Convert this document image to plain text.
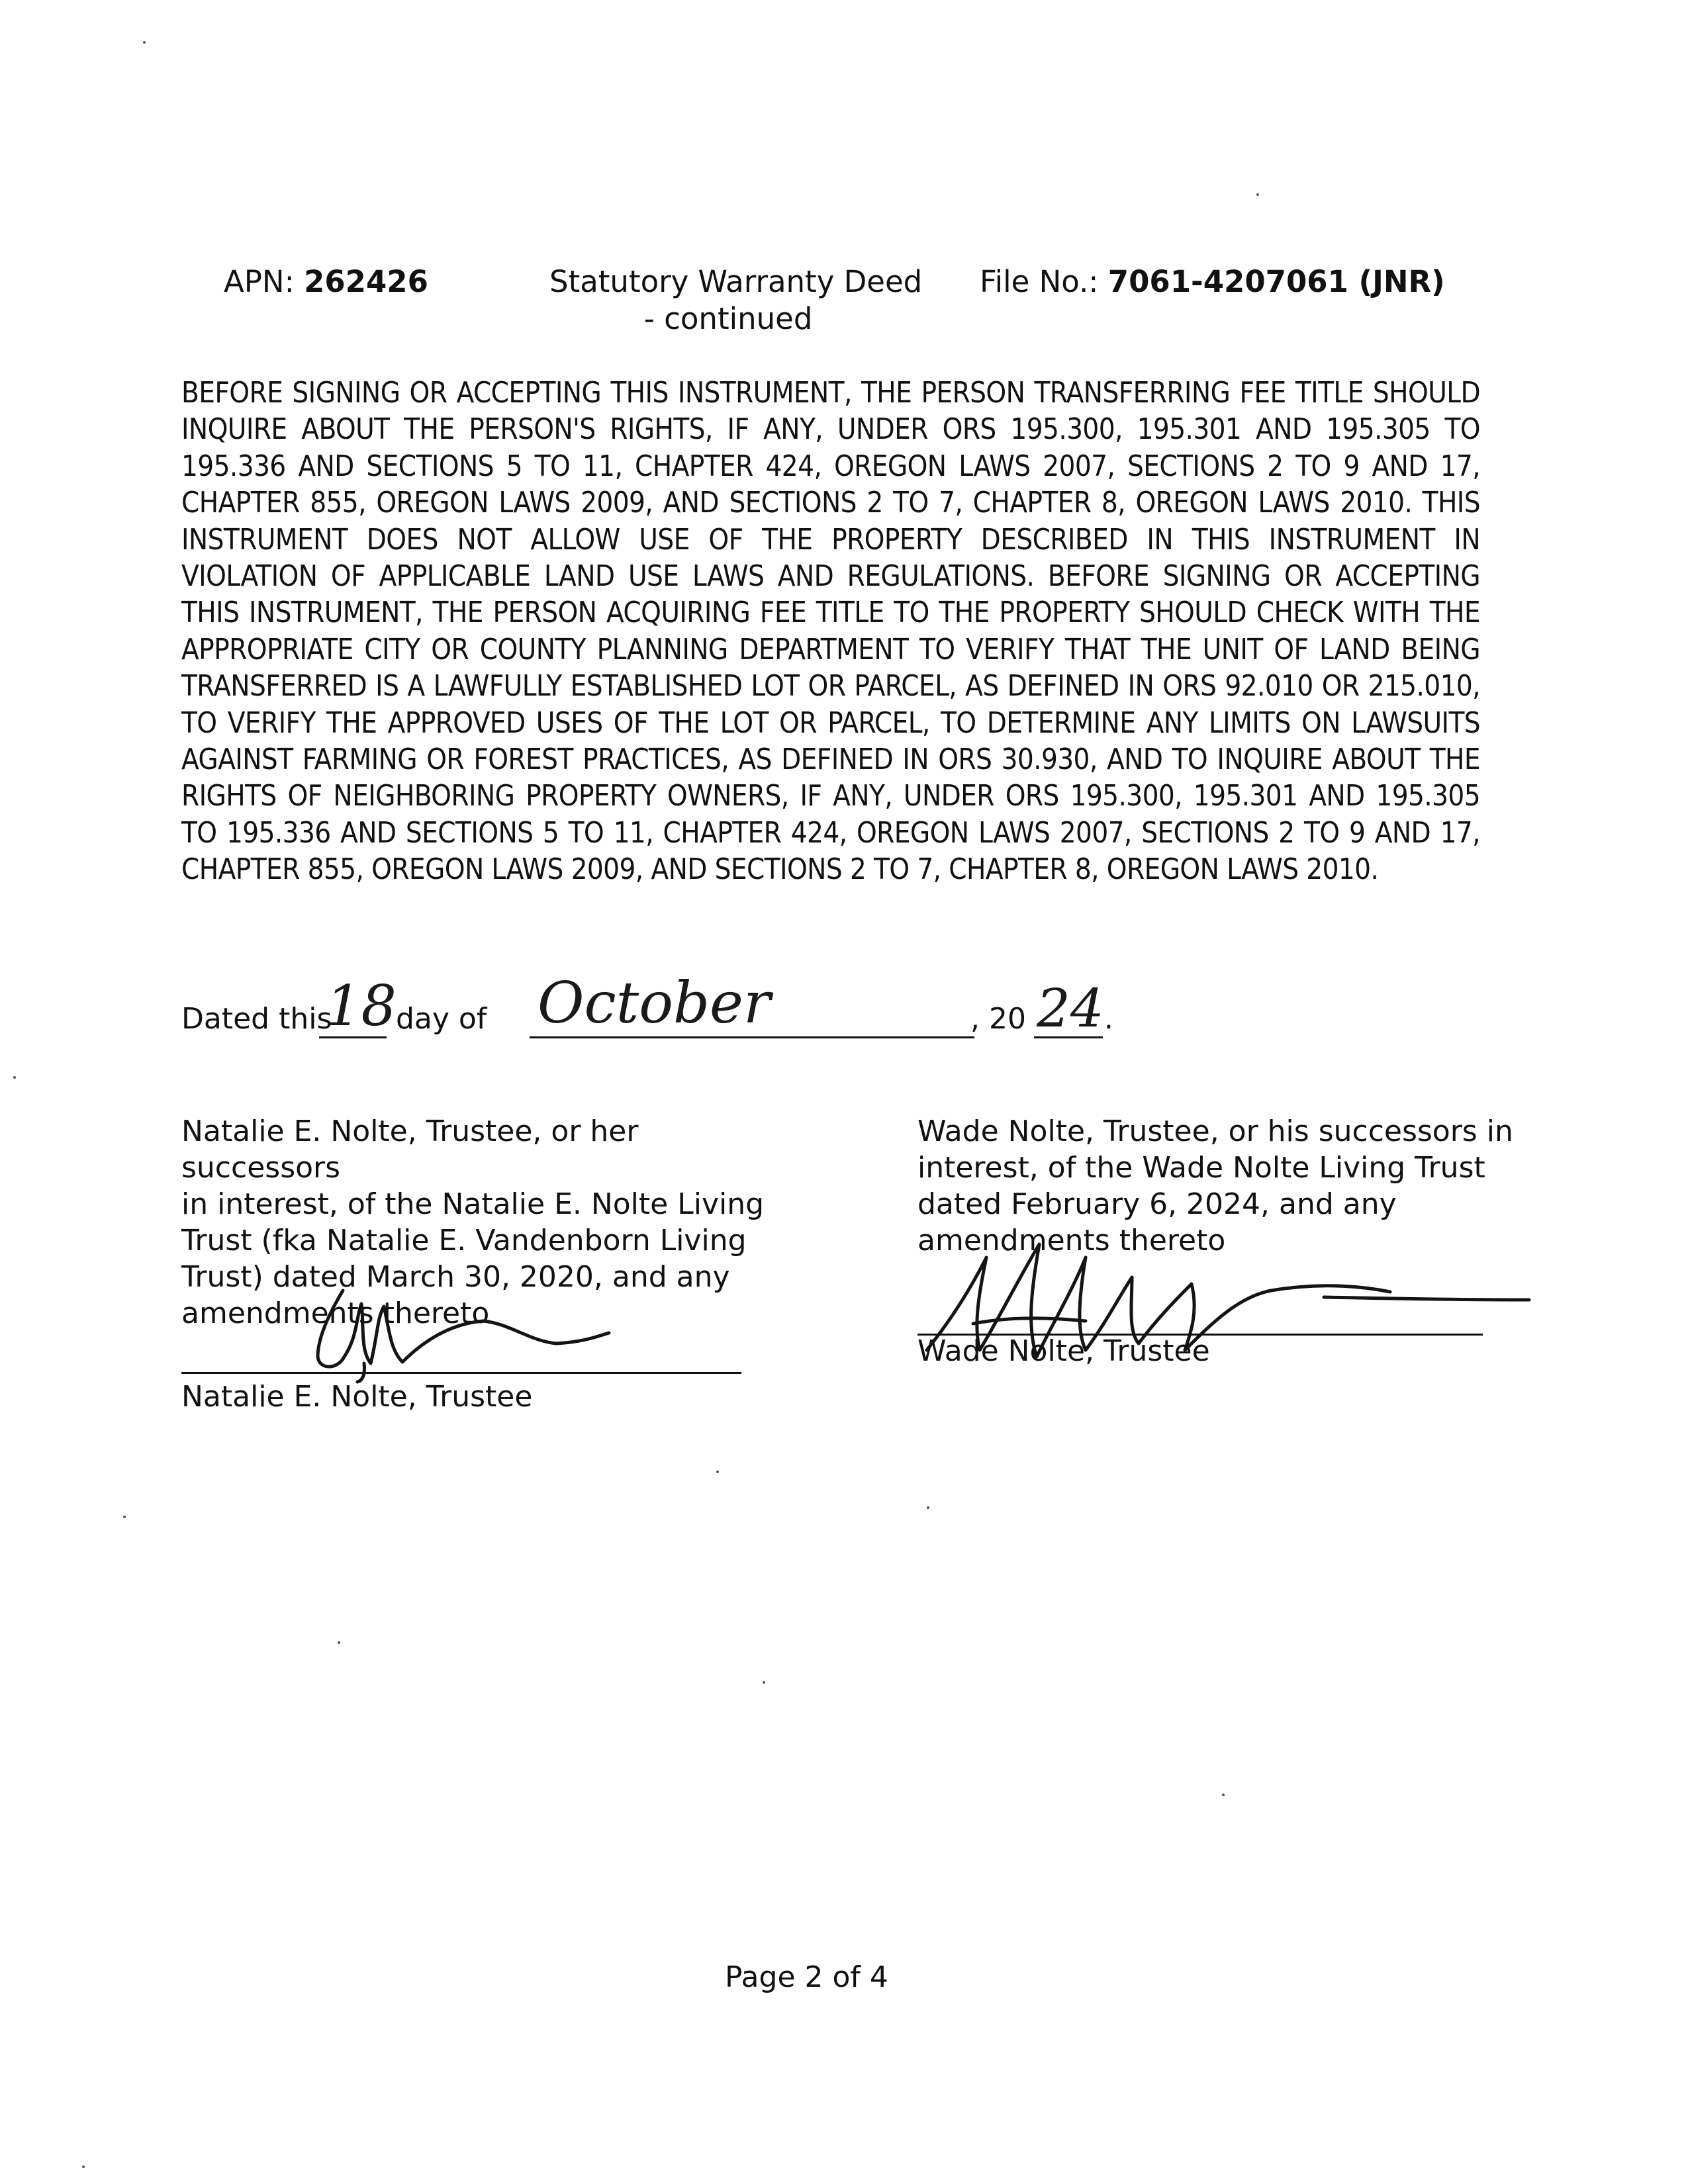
APN: 262426	Statutory Warranty Deed
- continued
File No.: 7061-4207061 (JNR)
BEFORE SIGNING OR ACCEPTING THIS INSTRUMENT, THE PERSON TRANSFERRING FEE TITLE SHOULD INQUIRE ABOUT THE PERSON'S RIGHTS, IF ANY, UNDER ORS 195.300, 195.301 AND 195.305 TO 195.336 AND SECTIONS 5 TO 11, CHAPTER 424, OREGON LAWS 2007, SECTIONS 2 TO 9 AND 17, CHAPTER 855, OREGON LAWS 2009, AND SECTIONS 2 TO 7, CHAPTER 8, OREGON LAWS 2010. THIS INSTRUMENT DOES NOT ALLOW USE OF THE PROPERTY DESCRIBED IN THIS INSTRUMENT IN VIOLATION OF APPLICABLE LAND USE LAWS AND REGULATIONS. BEFORE SIGNING OR ACCEPTING THIS INSTRUMENT, THE PERSON ACQUIRING FEE TITLE TO THE PROPERTY SHOULD CHECK WITH THE APPROPRIATE CITY OR COUNTY PLANNING DEPARTMENT TO VERIFY THAT THE UNIT OF LAND BEING TRANSFERRED IS A LAWFULLY ESTABLISHED LOT OR PARCEL, AS DEFINED IN ORS 92.010 OR 215.010, TO VERIFY THE APPROVED USES OF THE LOT OR PARCEL, TO DETERMINE ANY LIMITS ON LAWSUITS AGAINST FARMING OR FOREST PRACTICES, AS DEFINED IN ORS 30.930, AND TO INQUIRE ABOUT THE RIGHTS OF NEIGHBORING PROPERTY OWNERS, IF ANY, UNDER ORS 195.300, 195.301 AND 195.305 TO 195.336 AND SECTIONS 5 TO 11, CHAPTER 424, OREGON LAWS 2007, SECTIONS 2 TO 9 AND 17, CHAPTER 855, OREGON LAWS 2009, AND SECTIONS 2 TO 7, CHAPTER 8, OREGON LAWS 2010.
Dated this
18 day of October	, 20 24 .
Natalie E. Nolte, Trustee, or her successors
in interest, of the Natalie E. Nolte Living
Trust (fka Natalie E. Vandenborn Living
Trust) dated March 30, 2020, and any
amendments thereto
Natalie E. Nolte, Trustee
Wade Nolte, Trustee, or his successors in
interest, of the Wade Nolte Living Trust
dated February 6, 2024, and any
amendments thereto
Wade Nolte, Trustee
Page 2 of 4
